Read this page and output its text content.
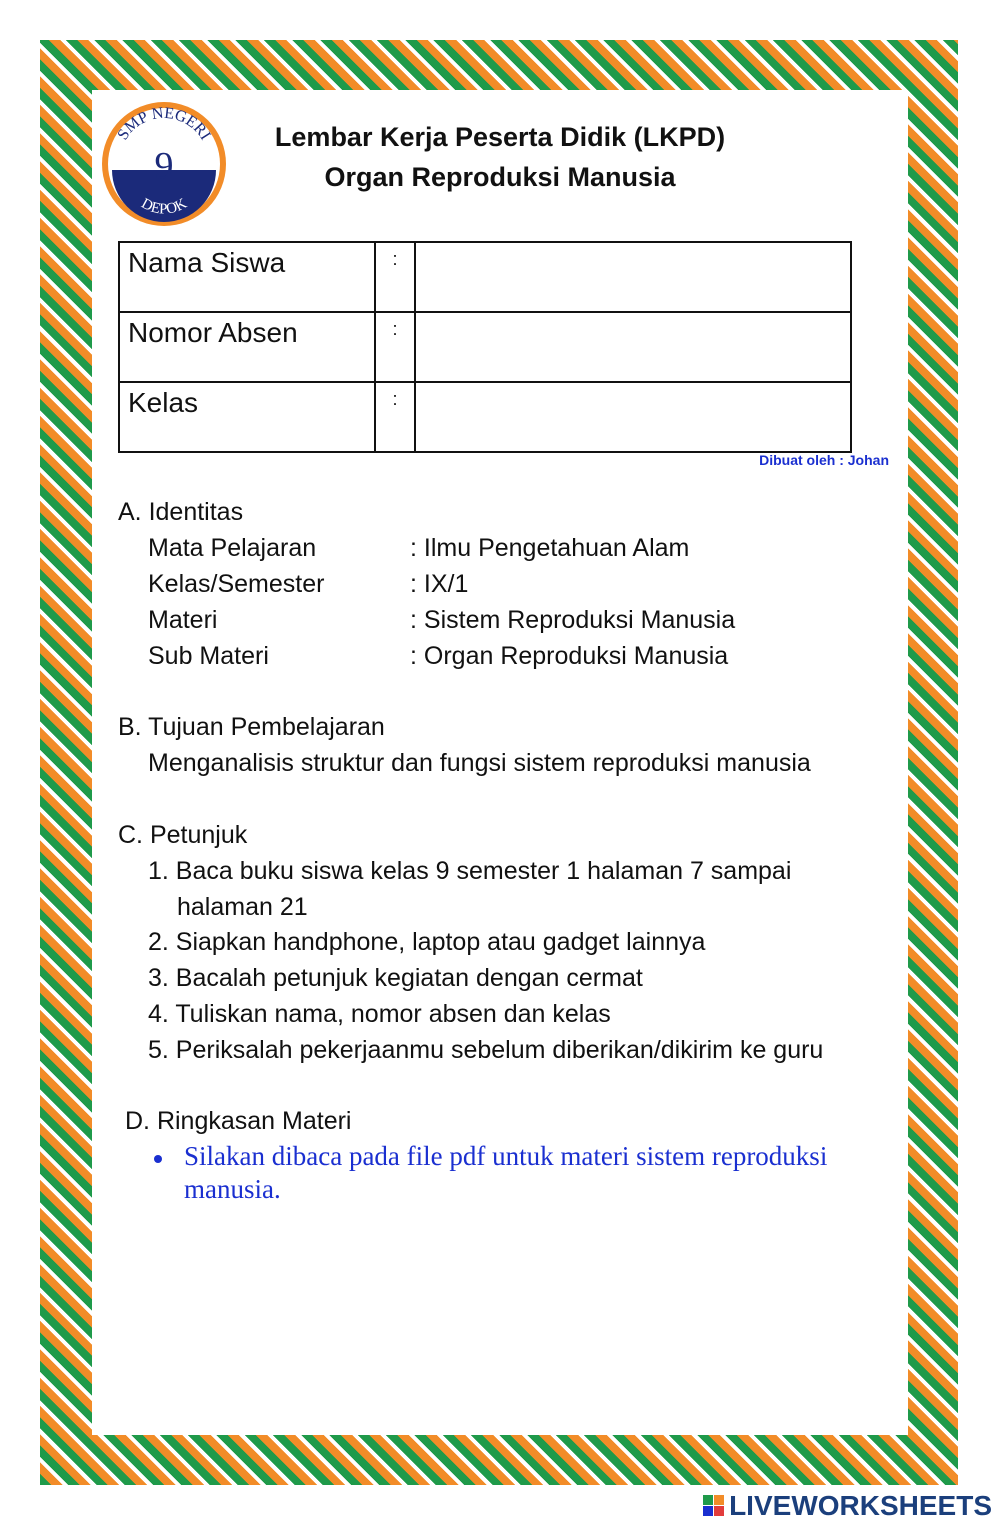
SMP NEGERI
9
DEPOK
Lembar Kerja Peserta Didik (LKPD)
Organ Reproduksi Manusia
Nama Siswa	:	
Nomor Absen	:	
Kelas	:	
Dibuat oleh : Johan
A. Identitas
Mata Pelajaran	: Ilmu Pengetahuan Alam
Kelas/Semester	: IX/1
Materi	: Sistem Reproduksi Manusia
Sub Materi	: Organ Reproduksi Manusia
B. Tujuan Pembelajaran
Menganalisis struktur dan fungsi sistem reproduksi manusia
C. Petunjuk
1. Baca buku siswa kelas 9 semester 1 halaman 7 sampai
halaman 21
2. Siapkan handphone, laptop atau gadget lainnya
3. Bacalah petunjuk kegiatan dengan cermat
4. Tuliskan nama, nomor absen dan kelas
5. Periksalah pekerjaanmu sebelum diberikan/dikirim ke guru
D. Ringkasan Materi
Silakan dibaca pada file pdf untuk materi sistem reproduksi manusia.
LIVEWORKSHEETS
